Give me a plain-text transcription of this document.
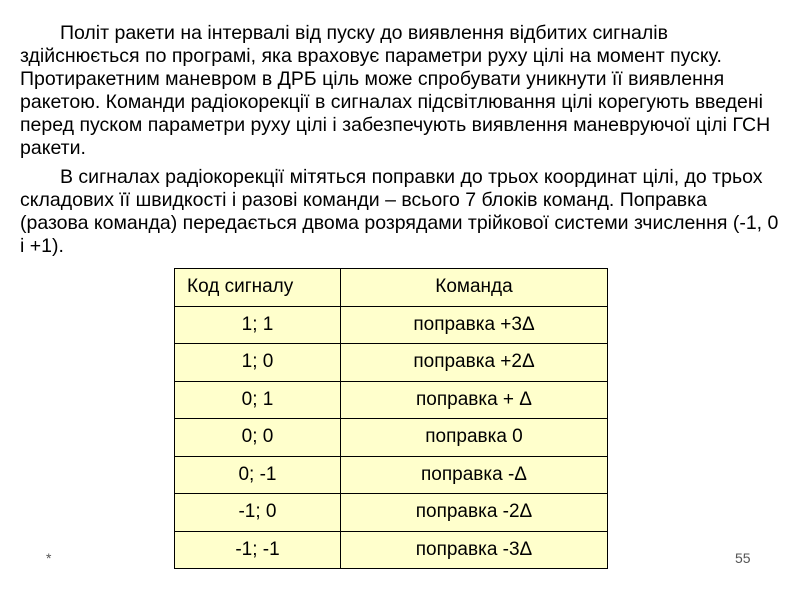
Політ ракети на інтервалі від пуску до виявлення відбитих сигналів здійснюється по програмі, яка враховує параметри руху цілі на момент пуску. Протиракетним маневром в ДРБ ціль може спробувати уникнути її виявлення ракетою. Команди радіокорекції в сигналах підсвітлювання цілі корегують введені перед пуском параметри руху цілі і забезпечують виявлення маневруючої цілі ГСН ракети.

В сигналах радіокорекції мітяться поправки до трьох координат цілі, до трьох складових її швидкості і разові команди – всього 7 блоків команд. Поправка (разова команда) передається двома розрядами трійкової системи зчислення (-1, 0 і +1).

Код сигналу	Команда
1; 1	поправка +3Δ
1; 0	поправка +2Δ
0; 1	поправка + Δ
0; 0	поправка 0
0; -1	поправка -Δ
-1; 0	поправка -2Δ
-1; -1	поправка -3Δ
*	55
